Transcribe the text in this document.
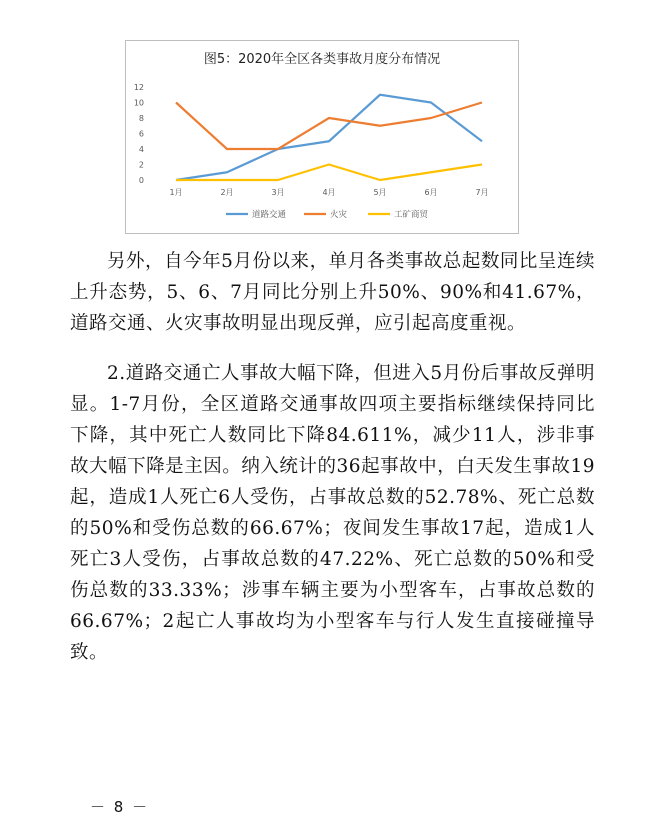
图5：2020年全区各类事故月度分布情况
0
2
4
6
8
10
12
1月	2月	3月	4月	5月	6月	7月
道路交通	火灾	工矿商贸

另外，自今年5月份以来，单月各类事故总起数同比呈连续上升态势，5、6、7月同比分别上升50%、90%和41.67%，道路交通、火灾事故明显出现反弹，应引起高度重视。

2.道路交通亡人事故大幅下降，但进入5月份后事故反弹明显。1-7月份，全区道路交通事故四项主要指标继续保持同比下降，其中死亡人数同比下降84.611%，减少11人，涉非事故大幅下降是主因。纳入统计的36起事故中，白天发生事故19起，造成1人死亡6人受伤，占事故总数的52.78%、死亡总数的50%和受伤总数的66.67%；夜间发生事故17起，造成1人死亡3人受伤，占事故总数的47.22%、死亡总数的50%和受伤总数的33.33%；涉事车辆主要为小型客车，占事故总数的66.67%；2起亡人事故均为小型客车与行人发生直接碰撞导致。

－ 8 －
